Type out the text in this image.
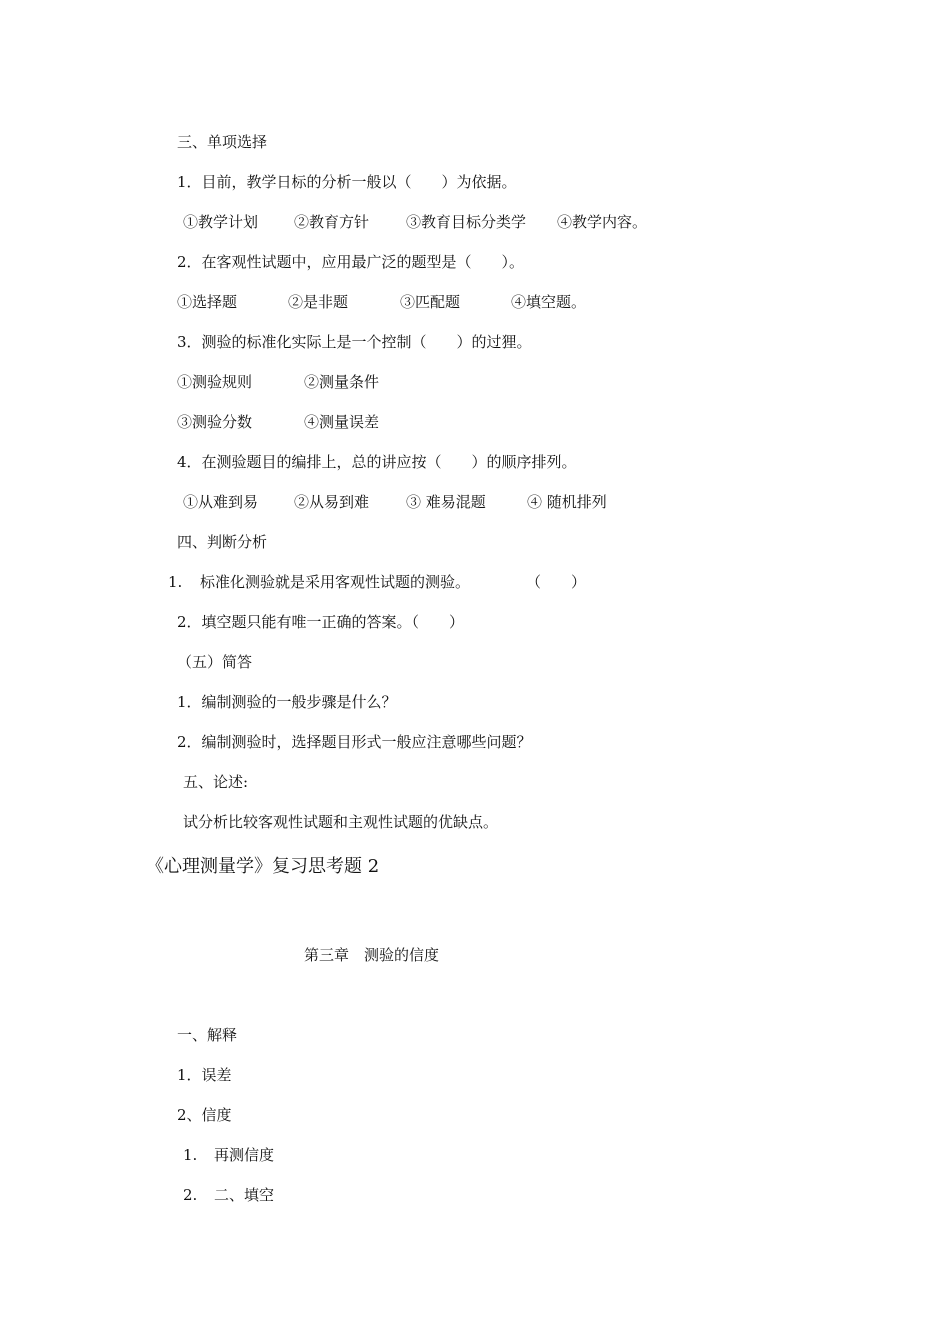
三、单项选择
1．目前，教学日标的分析一般以（　　）为依据。
①教学计划 ②教育方针 ③教育目标分类学 ④教学内容。
2．在客观性试题中，应用最广泛的题型是（　　）。
①选择题	②是非题	③匹配题	④填空题。
3．测验的标准化实际上是一个控制（　　）的过狸。
①测验规则	②测量条件
③测验分数	④测量误差
4．在测验题目的编排上，总的讲应按（　　）的顺序排列。
①从难到易 ②从易到难 ③ 难易混题	④ 随机排列
四、判断分析
1. 标准化测验就是采用客观性试题的测验。	（　　）
2．填空题只能有唯一正确的答案。（　　）
（五）简答
1．编制测验的一般步骤是什么？
2．编制测验时，选择题目形式一般应注意哪些问题？
五、论述:
试分析比较客观性试题和主观性试题的优缺点。
《心理测量学》复习思考题 2
第三章　测验的信度
一、解释
1．误差
2、信度
1. 再测信度
2. 二、填空
